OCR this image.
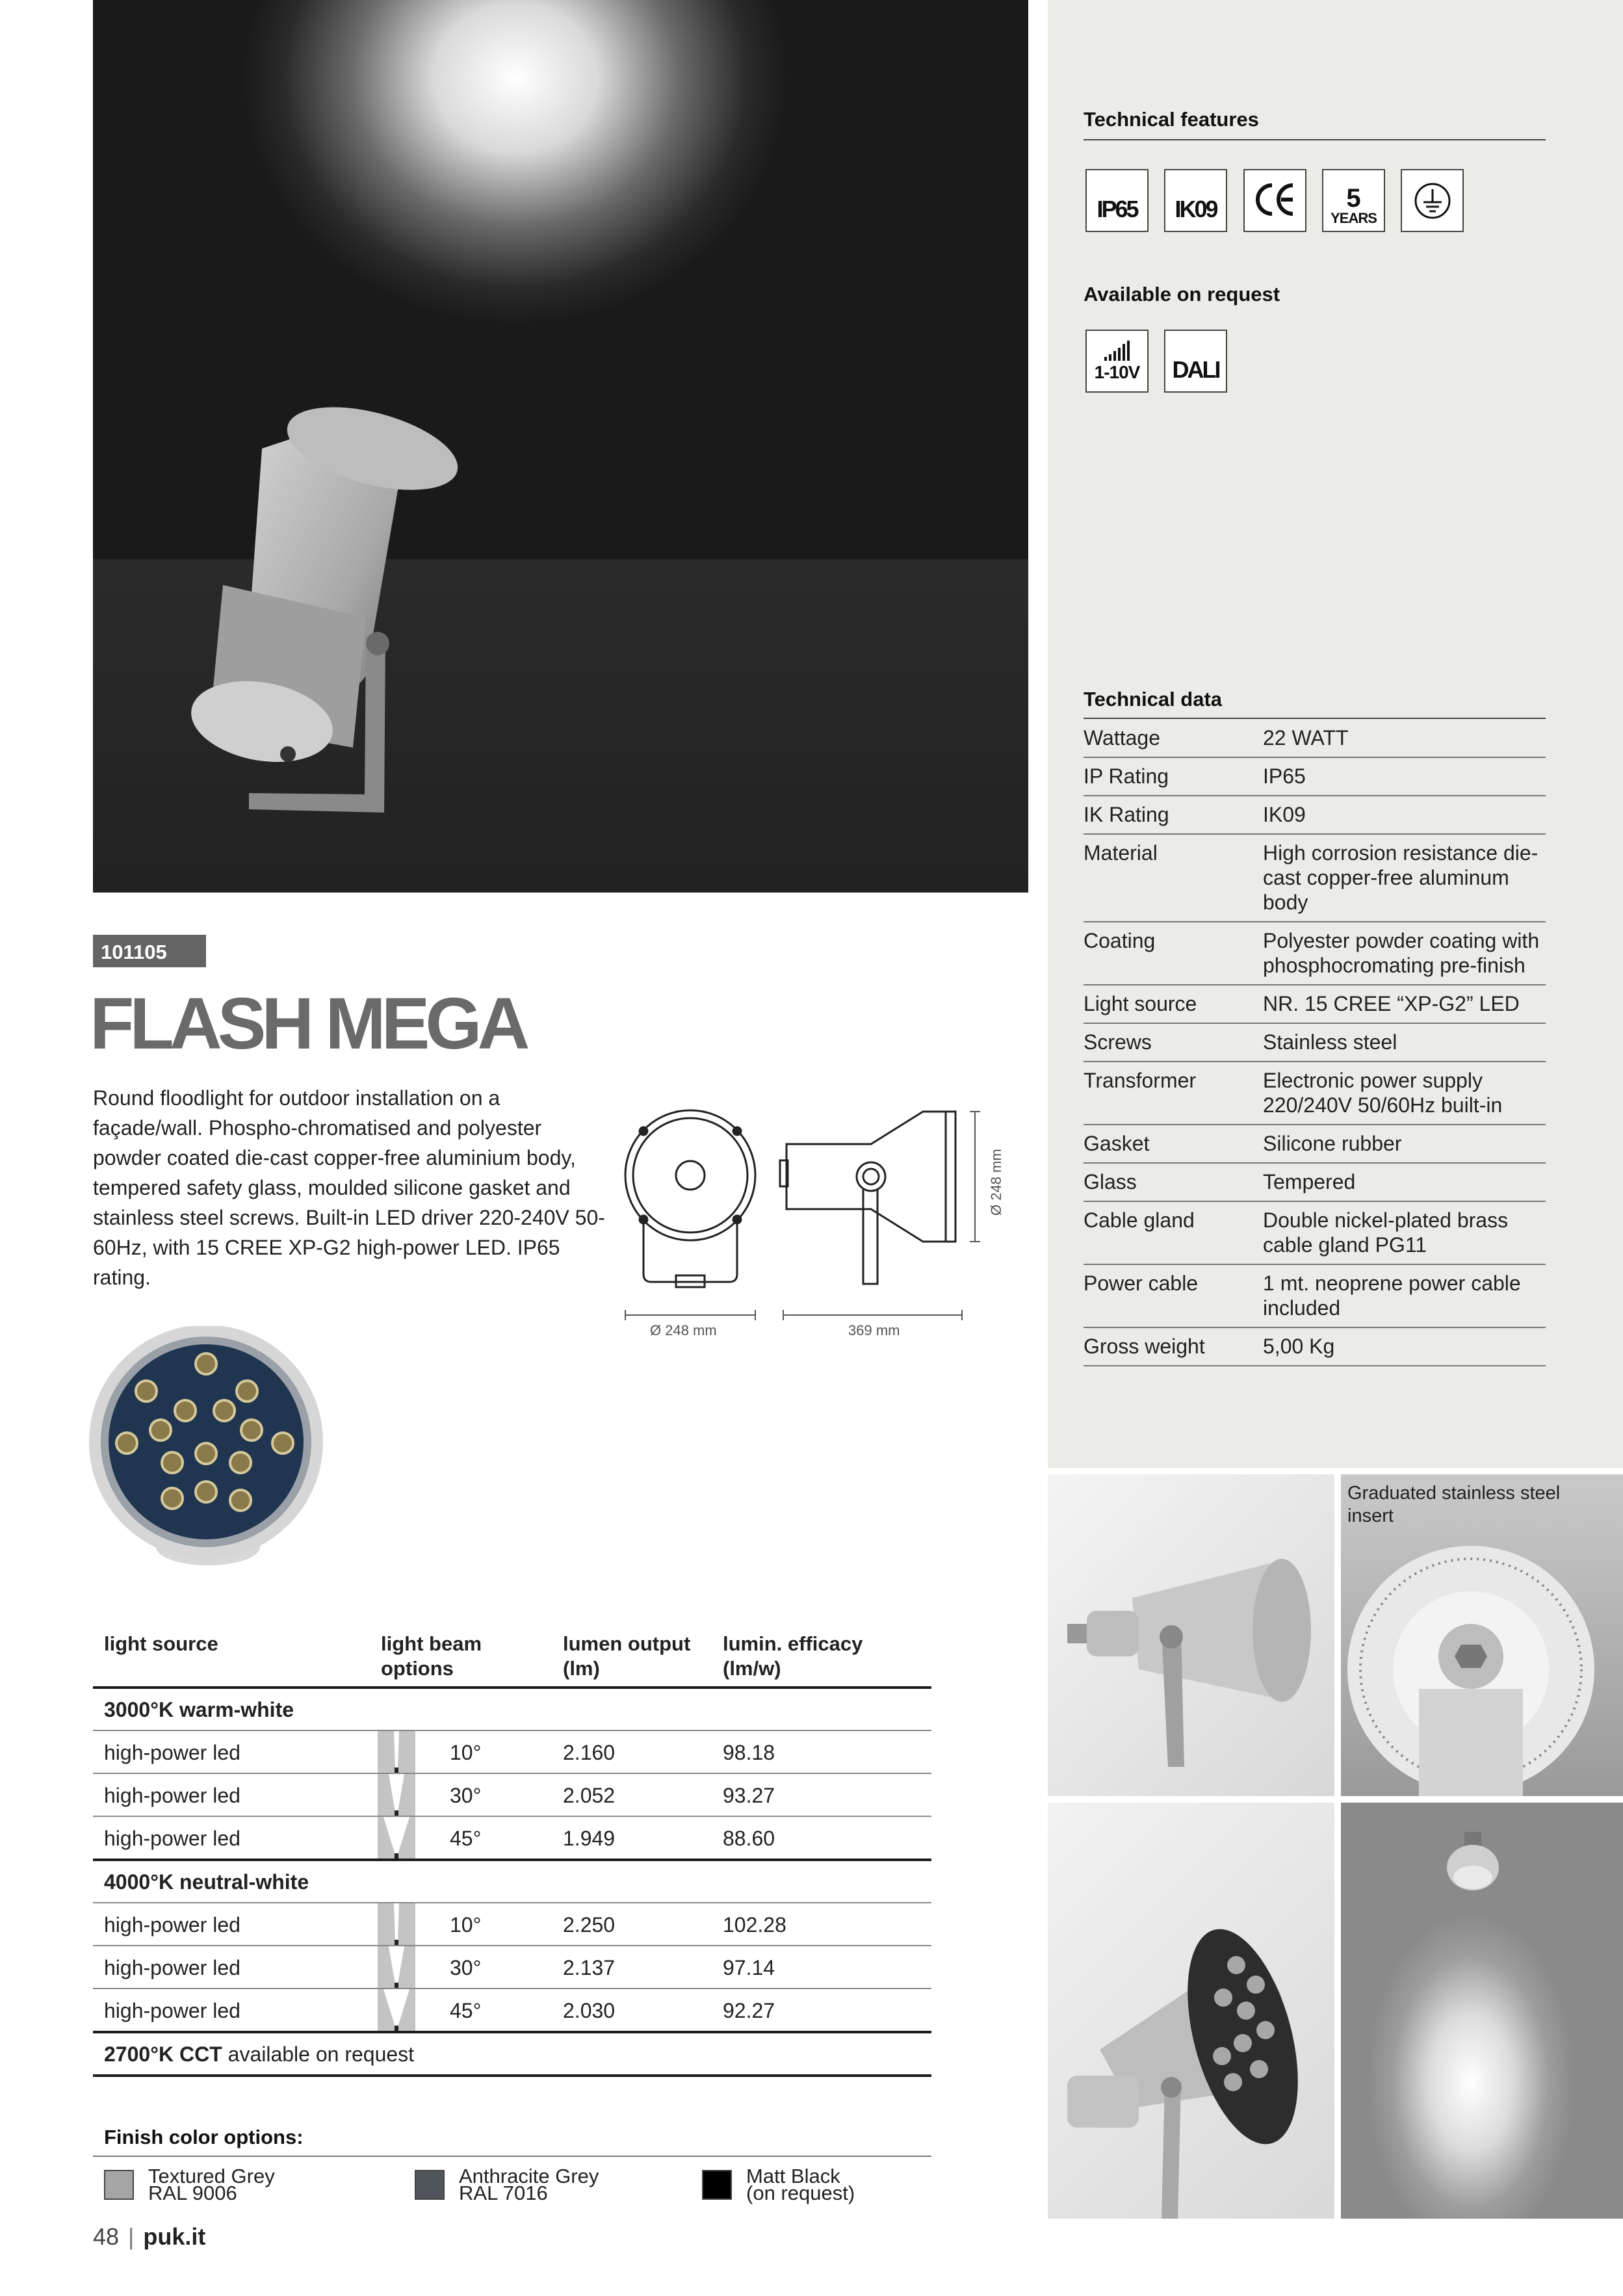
Technical features
IP65 IK09	5
YEARS
Available on request
1-10V DALI
Technical data
Wattage	22 WATT
IP Rating	IP65
IK Rating	IK09
Material	High corrosion resistance die-cast copper-free aluminum body
Coating	Polyester powder coating with phosphocromating pre-finish
Light source	NR. 15 CREE “XP-G2” LED
Screws	Stainless steel
Transformer	Electronic power supply 220/240V 50/60Hz built-in
Gasket	Silicone rubber
Glass	Tempered
Cable gland	Double nickel-plated brass cable gland PG11
Power cable	1 mt. neoprene power cable included
Gross weight	5,00 Kg
Graduated stainless steel insert
101105
FLASH MEGA
Round floodlight for outdoor installation on a façade/wall. Phospho-chromatised and polyester powder coated die-cast copper-free aluminium body, tempered safety glass, moulded silicone gasket and stainless steel screws. Built-in LED driver 220-240V 50-60Hz, with 15 CREE XP-G2 high-power LED. IP65 rating.
Ø 248 mm	369 mm
Ø 248 mm
light source	light beam options	lumen output (lm)	lumin. efficacy (lm/w)
3000°K warm-white			
high-power led	10°	2.160	98.18
high-power led	30°	2.052	93.27
high-power led	45°	1.949	88.60
4000°K neutral-white			
high-power led	10°	2.250	102.28
high-power led	30°	2.137	97.14
high-power led	45°	2.030	92.27
2700°K CCT available on request			
Finish color options:
Textured Grey
RAL 9006
Anthracite Grey
RAL 7016
Matt Black
(on request)
48 | puk.it
